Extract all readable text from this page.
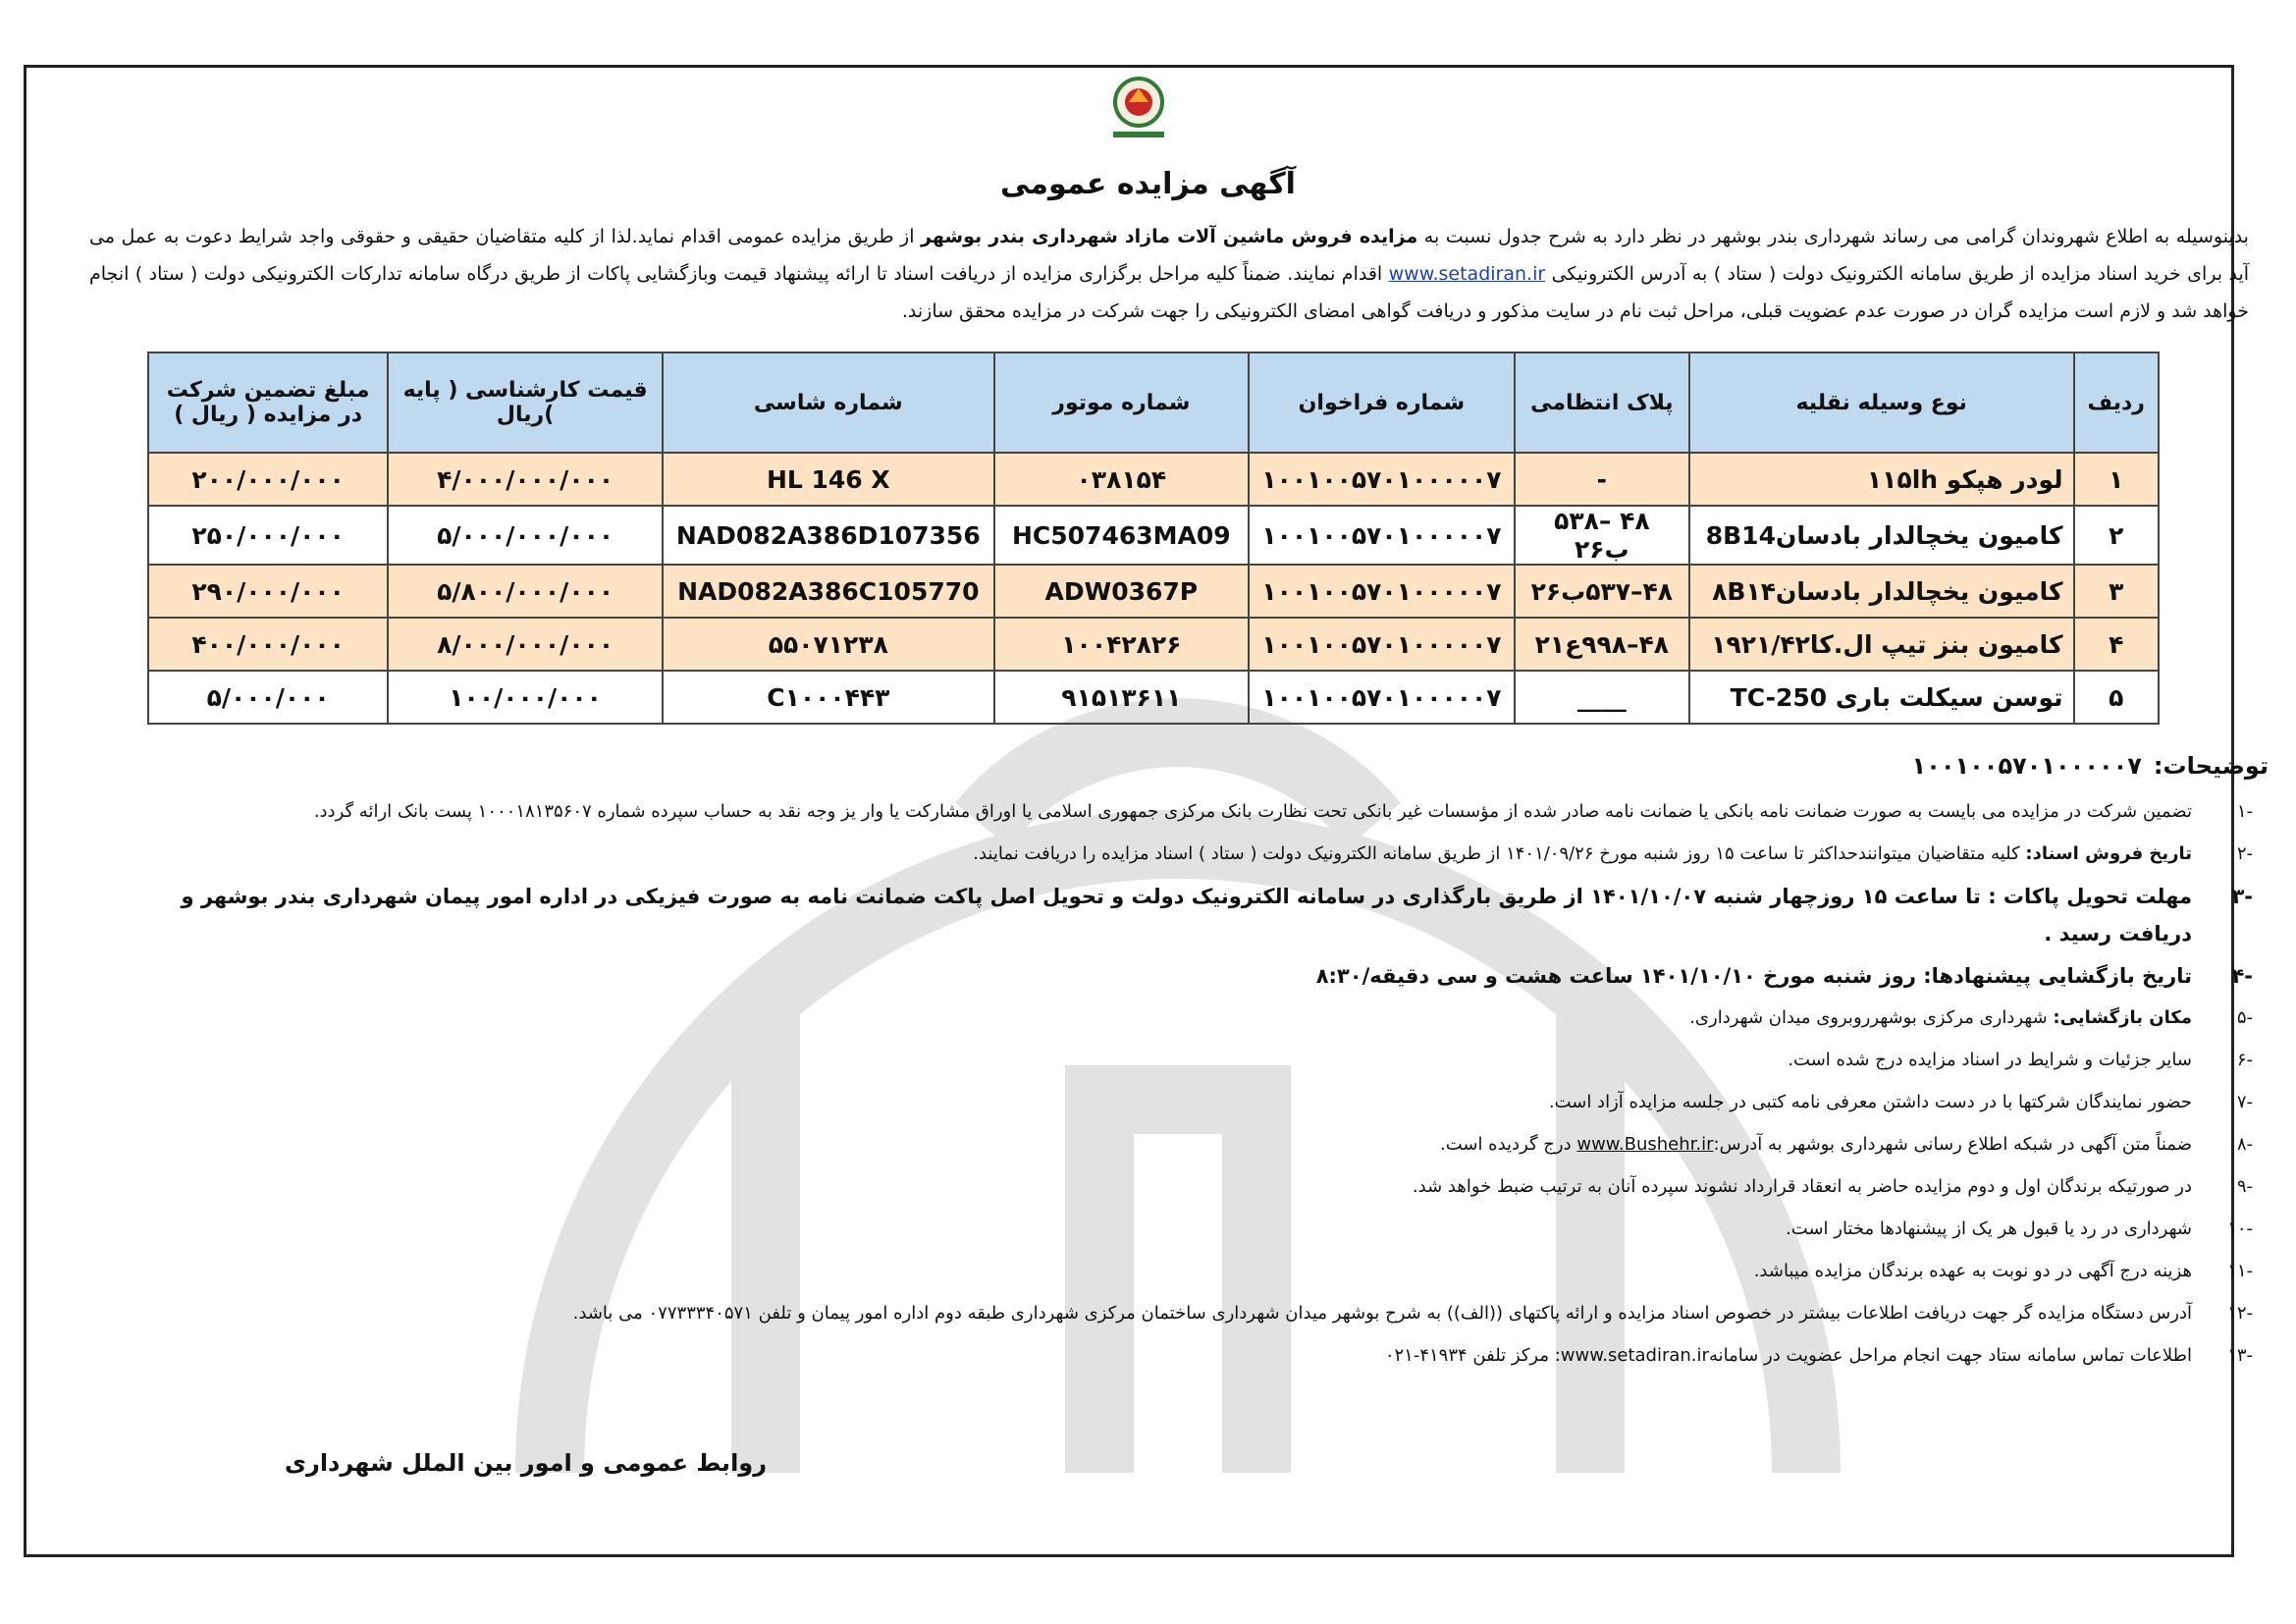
آگهی مزایده عمومی
بدینوسیله به اطلاع شهروندان گرامی می رساند شهرداری بندر بوشهر در نظر دارد به شرح جدول نسبت به مزایده فروش ماشین آلات مازاد شهرداری بندر بوشهر از طریق مزایده عمومی اقدام نماید.لذا از کلیه متقاضیان حقیقی و حقوقی واجد شرایط دعوت به عمل می آید برای خرید اسناد مزایده از طریق سامانه الکترونیک دولت ( ستاد ) به آدرس الکترونیکی www.setadiran.ir اقدام نمایند. ضمناً کلیه مراحل برگزاری مزایده از دریافت اسناد تا ارائه پیشنهاد قیمت وبازگشایی پاکات از طریق درگاه سامانه تدارکات الکترونیکی دولت ( ستاد ) انجام خواهد شد و لازم است مزایده گران در صورت عدم عضویت قبلی، مراحل ثبت نام در سایت مذکور و دریافت گواهی امضای الکترونیکی را جهت شرکت در مزایده محقق سازند.
ردیف	نوع وسیله نقلیه	پلاک انتظامی	شماره فراخوان	شماره موتور	شماره شاسی	قیمت کارشناسی ( پایه )ریال	مبلغ تضمین شرکت در مزایده ( ریال )
۱	لودر هپکو ۱۱۵lh	-	۱۰۰۱۰۰۵۷۰۱۰۰۰۰۰۷	۰۳۸۱۵۴	HL 146 X	۴/۰۰۰/۰۰۰/۰۰۰	۲۰۰/۰۰۰/۰۰۰
۲	کامیون یخچالدار بادسان8B14	۴۸ –۵۳۸ ب۲۶	۱۰۰۱۰۰۵۷۰۱۰۰۰۰۰۷	HC507463MA09	NAD082A386D107356	۵/۰۰۰/۰۰۰/۰۰۰	۲۵۰/۰۰۰/۰۰۰
۳	کامیون یخچالدار بادسان۸B۱۴	۴۸–۵۳۷ب۲۶	۱۰۰۱۰۰۵۷۰۱۰۰۰۰۰۷	ADW0367P	NAD082A386C105770	۵/۸۰۰/۰۰۰/۰۰۰	۲۹۰/۰۰۰/۰۰۰
۴	کامیون بنز تیپ ال.کا۱۹۲۱/۴۲	۴۸–۹۹۸ع۲۱	۱۰۰۱۰۰۵۷۰۱۰۰۰۰۰۷	۱۰۰۴۲۸۲۶	۵۵۰۷۱۲۳۸	۸/۰۰۰/۰۰۰/۰۰۰	۴۰۰/۰۰۰/۰۰۰
۵	توسن سیکلت باری TC-250	____	۱۰۰۱۰۰۵۷۰۱۰۰۰۰۰۷	۹۱۵۱۳۶۱۱	C۱۰۰۰۴۴۳	۱۰۰/۰۰۰/۰۰۰	۵/۰۰۰/۰۰۰
توضیحات:۱۰۰۱۰۰۵۷۰۱۰۰۰۰۰۷
-۱
تضمین شرکت در مزایده می بایست به صورت ضمانت نامه بانکی یا ضمانت نامه صادر شده از مؤسسات غیر بانکی تحت نظارت بانک مرکزی جمهوری اسلامی یا اوراق مشارکت یا وار یز وجه نقد به حساب سپرده شماره ۱۰۰۰۱۸۱۳۵۶۰۷ پست بانک ارائه گردد.
-۲
تاریخ فروش اسناد: کلیه متقاضیان میتوانندحداکثر تا ساعت ۱۵ روز شنبه مورخ ۱۴۰۱/۰۹/۲۶ از طریق سامانه الکترونیک دولت ( ستاد ) اسناد مزایده را دریافت نمایند.
-۳
مهلت تحویل پاکات : تا ساعت ۱۵ روزچهار شنبه ۱۴۰۱/۱۰/۰۷ از طریق بارگذاری در سامانه الکترونیک دولت و تحویل اصل پاکت ضمانت نامه به صورت فیزیکی در اداره امور پیمان شهرداری بندر بوشهر و دریافت رسید .
-۴
تاریخ بازگشایی پیشنهادها: روز شنبه مورخ ۱۴۰۱/۱۰/۱۰ ساعت هشت و سی دقیقه/۸:۳۰
-۵
مکان بازگشایی: شهرداری مرکزی بوشهرروبروی میدان شهرداری.
-۶
سایر جزئیات و شرایط در اسناد مزایده درج شده است.
-۷
حضور نمایندگان شرکتها با در دست داشتن معرفی نامه کتبی در جلسه مزایده آزاد است.
-۸
ضمناً متن آگهی در شبکه اطلاع رسانی شهرداری بوشهر به آدرس:www.Bushehr.ir درج گردیده است.
-۹
در صورتیکه برندگان اول و دوم مزایده حاضر به انعقاد قرارداد نشوند سپرده آنان به ترتیب ضبط خواهد شد.
-۱۰
شهرداری در رد یا قبول هر یک از پیشنهادها مختار است.
-۱۱
هزینه درج آگهی در دو نوبت به عهده برندگان مزایده میباشد.
-۱۲
آدرس دستگاه مزایده گر جهت دریافت اطلاعات بیشتر در خصوص اسناد مزایده و ارائه پاکتهای ((الف)) به شرح بوشهر میدان شهرداری ساختمان مرکزی شهرداری طبقه دوم اداره امور پیمان و تلفن ۰۷۷۳۳۳۴۰۵۷۱ می باشد.
-۱۳
اطلاعات تماس سامانه ستاد جهت انجام مراحل عضویت در سامانهwww.setadiran.ir: مرکز تلفن ۴۱۹۳۴-۰۲۱
روابط عمومی و امور بین الملل شهرداری
